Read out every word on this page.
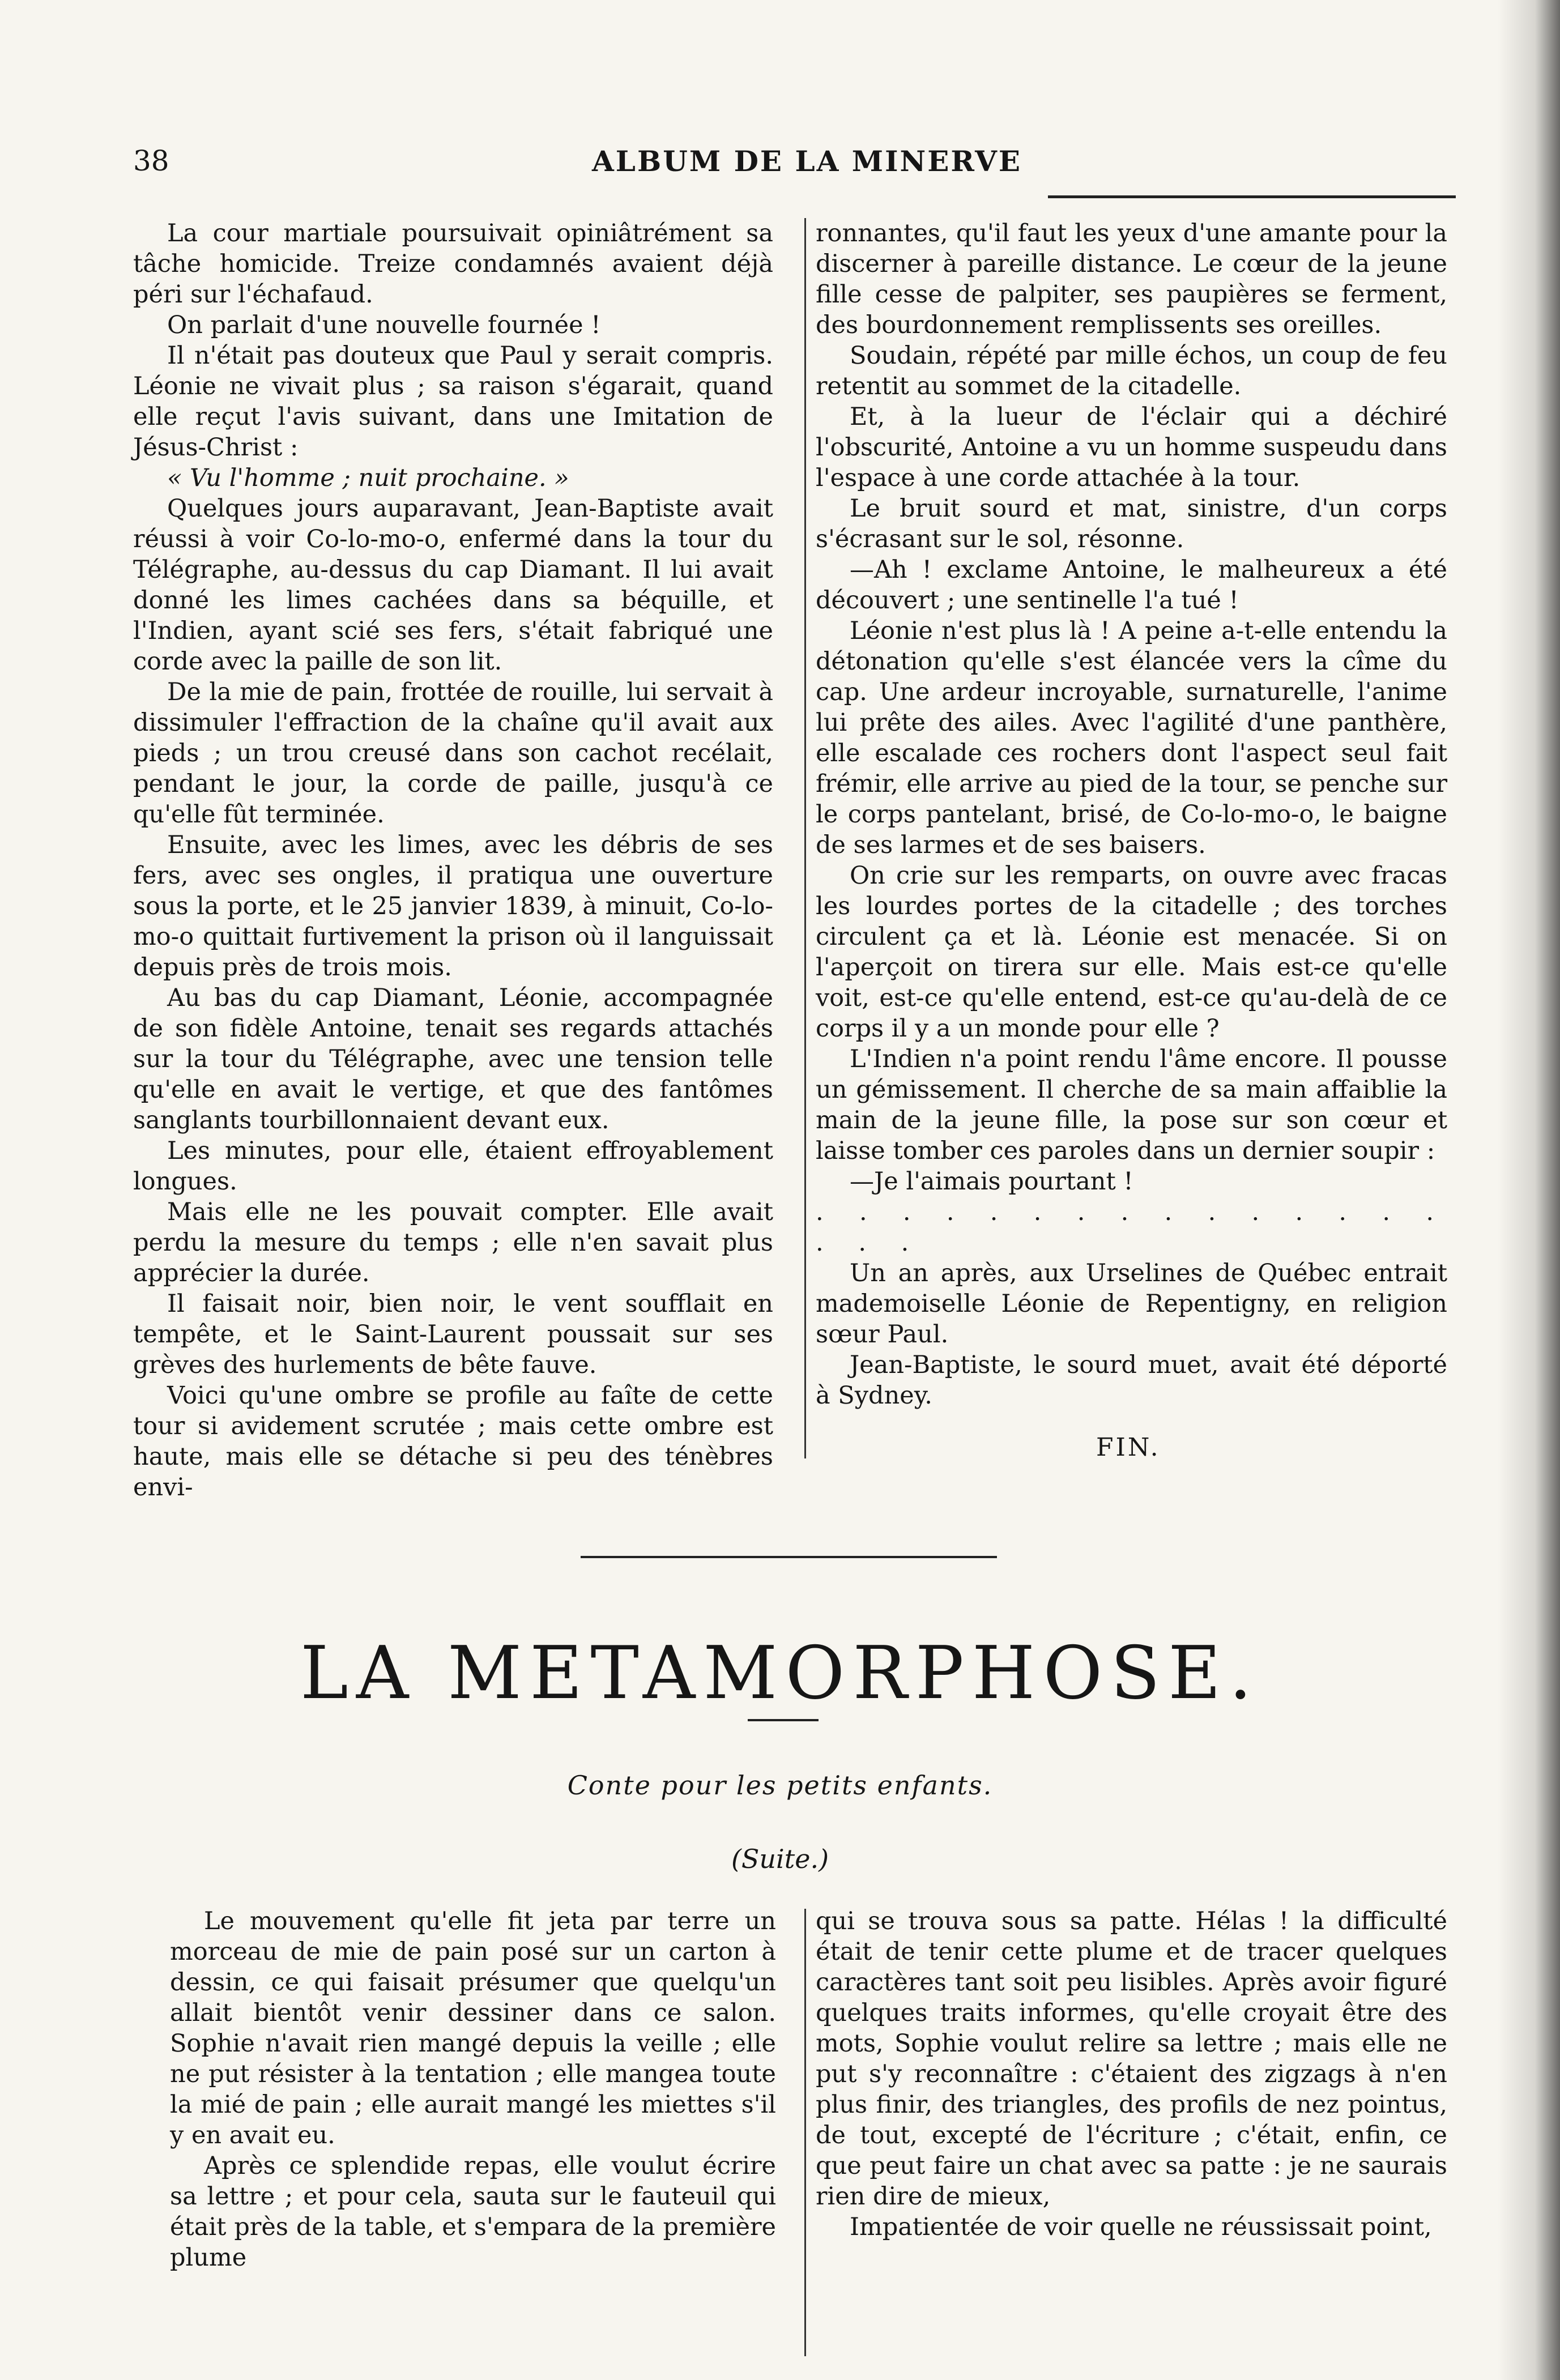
38	ALBUM DE LA MINERVE

La cour martiale poursuivait opiniâtrément sa tâche homicide. Treize condamnés avaient déjà péri sur l'échafaud.

On parlait d'une nouvelle fournée !

Il n'était pas douteux que Paul y serait compris. Léonie ne vivait plus ; sa raison s'égarait, quand elle reçut l'avis suivant, dans une Imitation de Jésus-Christ :

« Vu l'homme ; nuit prochaine. »

Quelques jours auparavant, Jean-Baptiste avait réussi à voir Co-lo-mo-o, enfermé dans la tour du Télégraphe, au-dessus du cap Diamant. Il lui avait donné les limes cachées dans sa béquille, et l'Indien, ayant scié ses fers, s'était fabriqué une corde avec la paille de son lit.

De la mie de pain, frottée de rouille, lui servait à dissimuler l'effraction de la chaîne qu'il avait aux pieds ; un trou creusé dans son cachot recélait, pendant le jour, la corde de paille, jusqu'à ce qu'elle fût terminée.

Ensuite, avec les limes, avec les débris de ses fers, avec ses ongles, il pratiqua une ouverture sous la porte, et le 25 janvier 1839, à minuit, Co-lo-mo-o quittait furtivement la prison où il languissait depuis près de trois mois.

Au bas du cap Diamant, Léonie, accompagnée de son fidèle Antoine, tenait ses regards attachés sur la tour du Télégraphe, avec une tension telle qu'elle en avait le vertige, et que des fantômes sanglants tourbillonnaient devant eux.

Les minutes, pour elle, étaient effroyablement longues.

Mais elle ne les pouvait compter. Elle avait perdu la mesure du temps ; elle n'en savait plus apprécier la durée.

Il faisait noir, bien noir, le vent soufflait en tempête, et le Saint-Laurent poussait sur ses grèves des hurlements de bête fauve.

Voici qu'une ombre se profile au faîte de cette tour si avidement scrutée ; mais cette ombre est haute, mais elle se détache si peu des ténèbres envi-

ronnantes, qu'il faut les yeux d'une amante pour la discerner à pareille distance. Le cœur de la jeune fille cesse de palpiter, ses paupières se ferment, des bourdonnement remplissents ses oreilles.

Soudain, répété par mille échos, un coup de feu retentit au sommet de la citadelle.

Et, à la lueur de l'éclair qui a déchiré l'obscurité, Antoine a vu un homme suspeudu dans l'espace à une corde attachée à la tour.

Le bruit sourd et mat, sinistre, d'un corps s'écrasant sur le sol, résonne.

—Ah ! exclame Antoine, le malheureux a été découvert ; une sentinelle l'a tué !

Léonie n'est plus là ! A peine a-t-elle entendu la détonation qu'elle s'est élancée vers la cîme du cap. Une ardeur incroyable, surnaturelle, l'anime lui prête des ailes. Avec l'agilité d'une panthère, elle escalade ces rochers dont l'aspect seul fait frémir, elle arrive au pied de la tour, se penche sur le corps pantelant, brisé, de Co-lo-mo-o, le baigne de ses larmes et de ses baisers.

On crie sur les remparts, on ouvre avec fracas les lourdes portes de la citadelle ; des torches circulent ça et là. Léonie est menacée. Si on l'aperçoit on tirera sur elle. Mais est-ce qu'elle voit, est-ce qu'elle entend, est-ce qu'au-delà de ce corps il y a un monde pour elle ?

L'Indien n'a point rendu l'âme encore. Il pousse un gémissement. Il cherche de sa main affaiblie la main de la jeune fille, la pose sur son cœur et laisse tomber ces paroles dans un dernier soupir :

—Je l'aimais pourtant !

. . . . . . . . . . . . . . . . . .

Un an après, aux Urselines de Québec entrait mademoiselle Léonie de Repentigny, en religion sœur Paul.

Jean-Baptiste, le sourd muet, avait été déporté à Sydney.

FIN.
LA METAMORPHOSE.
Conte pour les petits enfants.
(Suite.)

Le mouvement qu'elle fit jeta par terre un morceau de mie de pain posé sur un carton à dessin, ce qui faisait présumer que quelqu'un allait bientôt venir dessiner dans ce salon. Sophie n'avait rien mangé depuis la veille ; elle ne put résister à la tentation ; elle mangea toute la mié de pain ; elle aurait mangé les miettes s'il y en avait eu.

Après ce splendide repas, elle voulut écrire sa lettre ; et pour cela, sauta sur le fauteuil qui était près de la table, et s'empara de la première plume

qui se trouva sous sa patte. Hélas ! la difficulté était de tenir cette plume et de tracer quelques caractères tant soit peu lisibles. Après avoir figuré quelques traits informes, qu'elle croyait être des mots, Sophie voulut relire sa lettre ; mais elle ne put s'y reconnaître : c'étaient des zigzags à n'en plus finir, des triangles, des profils de nez pointus, de tout, excepté de l'écriture ; c'était, enfin, ce que peut faire un chat avec sa patte : je ne saurais rien dire de mieux,

Impatientée de voir quelle ne réussissait point,
